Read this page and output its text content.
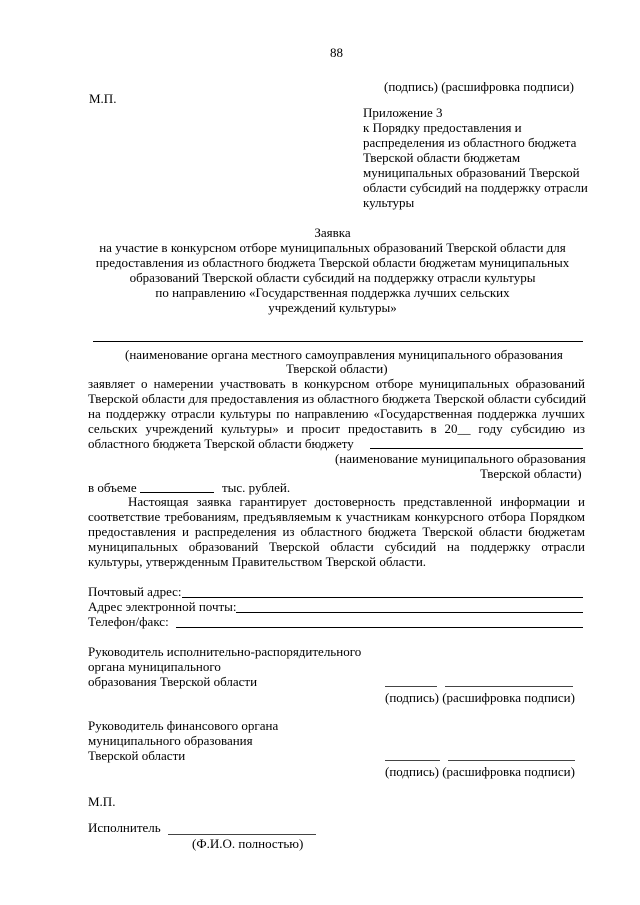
88
(подпись) (расшифровка подписи)
М.П.
Приложение 3
к Порядку предоставления и
распределения из областного бюджета
Тверской области бюджетам
муниципальных образований Тверской
области субсидий на поддержку отрасли
культуры
Заявка
на участие в конкурсном отборе муниципальных образований Тверской области для
предоставления из областного бюджета Тверской области бюджетам муниципальных
образований Тверской области субсидий на поддержку отрасли культуры
по направлению «Государственная поддержка лучших сельских
учреждений культуры»
(наименование органа местного самоуправления муниципального образования
Тверской области)
заявляет о намерении участвовать в конкурсном отборе муниципальных образований
Тверской области для предоставления из областного бюджета Тверской области субсидий
на поддержку отрасли культуры по направлению «Государственная поддержка лучших
сельских учреждений культуры» и просит предоставить в 20__ году субсидию из
областного бюджета Тверской области бюджету
(наименование муниципального образования
Тверской области)
в объеме	тыс. рублей.
Настоящая заявка гарантирует достоверность представленной информации и
соответствие требованиям, предъявляемым к участникам конкурсного отбора Порядком
предоставления и распределения из областного бюджета Тверской области бюджетам
муниципальных образований Тверской области субсидий на поддержку отрасли
культуры, утвержденным Правительством Тверской области.
Почтовый адрес:
Адрес электронной почты:
Телефон/факс:
Руководитель исполнительно-распорядительного
органа муниципального
образования Тверской области
(подпись) (расшифровка подписи)
Руководитель финансового органа
муниципального образования
Тверской области
(подпись) (расшифровка подписи)
М.П.
Исполнитель
(Ф.И.О. полностью)
